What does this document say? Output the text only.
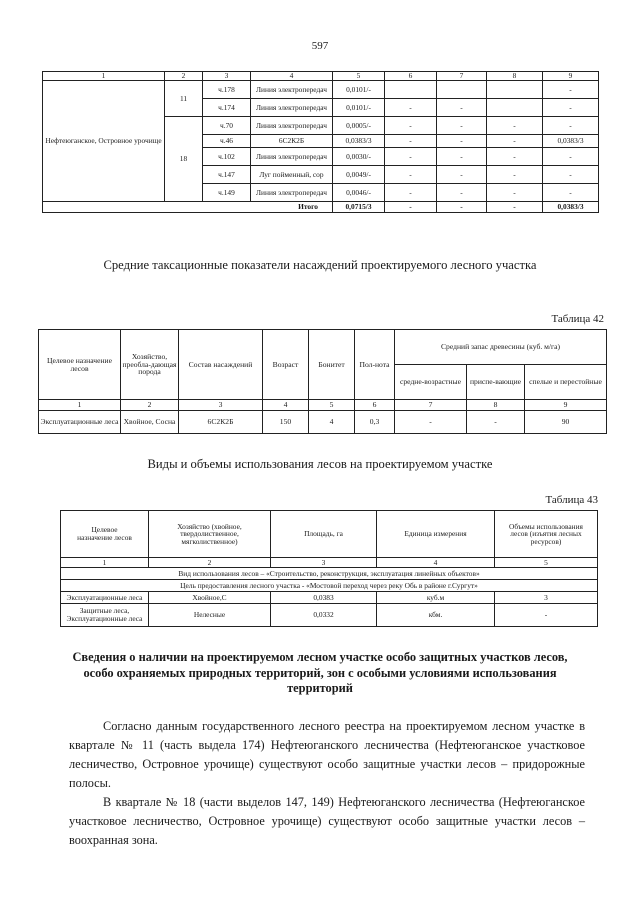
597
1	2	3	4	5	6	7	8	9
Нефтеюганское, Островное урочище	11	ч.178	Линия электропередач	0,0101/-				-
		ч.174	Линия электропередач	0,0101/-	-	-		-
	18	ч.70	Линия электропередач	0,0005/-	-	-	-	-
		ч.46	6С2К2Б	0,0383/3	-	-	-	0,0383/3
		ч.102	Линия электропередач	0,0030/-	-	-	-	-
		ч.147	Луг пойменный, сор	0,0049/-	-	-	-	-
		ч.149	Линия электропередач	0,0046/-	-	-	-	-
Итого				0,0715/3	-	-	-	0,0383/3
Средние таксационные показатели насаждений проектируемого лесного участка
Таблица 42
Целевое назначение лесов	Хозяйство, преобла-дающая порода	Состав насаждений	Возраст	Бонитет	Пол-нота	Средний запас древесины (куб. м/га)		
						средне-возрастные	приспе-вающие	спелые и перестойные
1	2	3	4	5	6	7	8	9
Эксплуатационные леса	Хвойное, Сосна	6С2К2Б	150	4	0,3	-	-	90
Виды и объемы использования лесов на проектируемом участке
Таблица 43
Целевое назначение лесов	Хозяйство (хвойное, твердолиственное, мягколиственное)	Площадь, га	Единица измерения	Объемы использования лесов (изъятия лесных ресурсов)
1	2	3	4	5
Вид использования лесов – «Строительство, реконструкция, эксплуатация линейных объектов»				
Цель предоставления лесного участка - «Мостовой переход через реку Обь в районе г.Сургут»				
Эксплуатационные леса	Хвойное,С	0,0383	куб.м	3
Защитные леса, Эксплуатационные леса	Нелесные	0,0332	кбм.	-
Сведения о наличии на проектируемом лесном участке особо защитных участков лесов, особо охраняемых природных территорий, зон с особыми условиями использования территорий

Согласно данным государственного лесного реестра на проектируемом лесном участке в квартале № 11 (часть выдела 174) Нефтеюганского лесничества (Нефтеюганское участковое лесничество, Островное урочище) существуют особо защитные участки лесов – придорожные полосы.

В квартале № 18 (части выделов 147, 149) Нефтеюганского лесничества (Нефтеюганское участковое лесничество, Островное урочище) существуют особо защитные участки лесов – воохранная зона.
